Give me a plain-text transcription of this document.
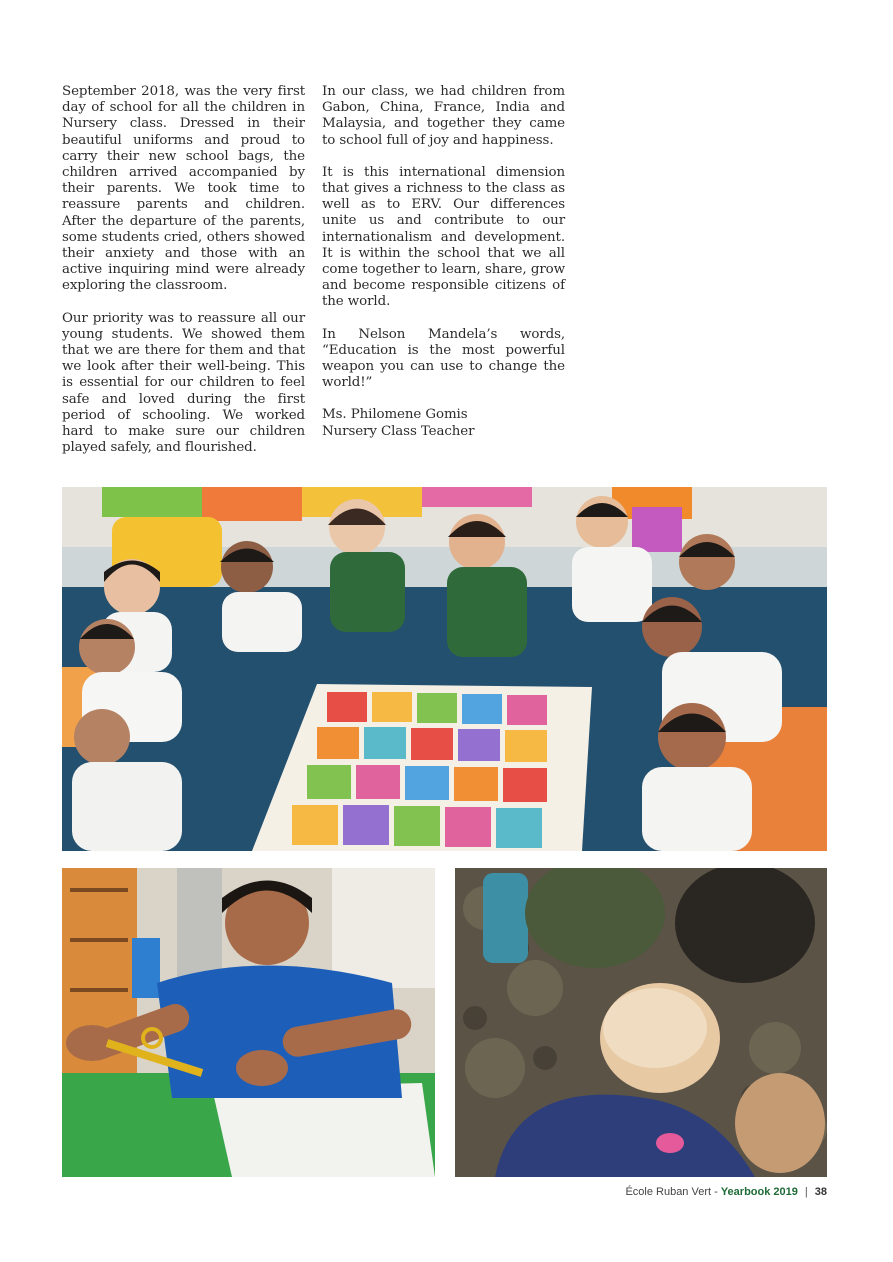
September 2018, was the very first day of school for all the children in Nursery class. Dressed in their beautiful uniforms and proud to carry their new school bags, the children arrived accompanied by their parents. We took time to reassure parents and children. After the departure of the parents, some students cried, others showed their anxiety and those with an active inquiring mind were already exploring the classroom.

Our priority was to reassure all our young students. We showed them that we are there for them and that we look after their well-being. This is essential for our children to feel safe and loved during the first period of schooling. We worked hard to make sure our children played safely, and flourished.

In our class, we had children from Gabon, China, France, India and Malaysia, and together they came to school full of joy and happiness.

It is this international dimension that gives a richness to the class as well as to ERV. Our differences unite us and contribute to our internationalism and development. It is within the school that we all come together to learn, share, grow and become responsible citizens of the world.

In Nelson Mandela’s words, “Education is the most powerful weapon you can use to change the world!”

Ms. Philomene Gomis

Nursery Class Teacher

École Ruban Vert - Yearbook 2019 | 38
